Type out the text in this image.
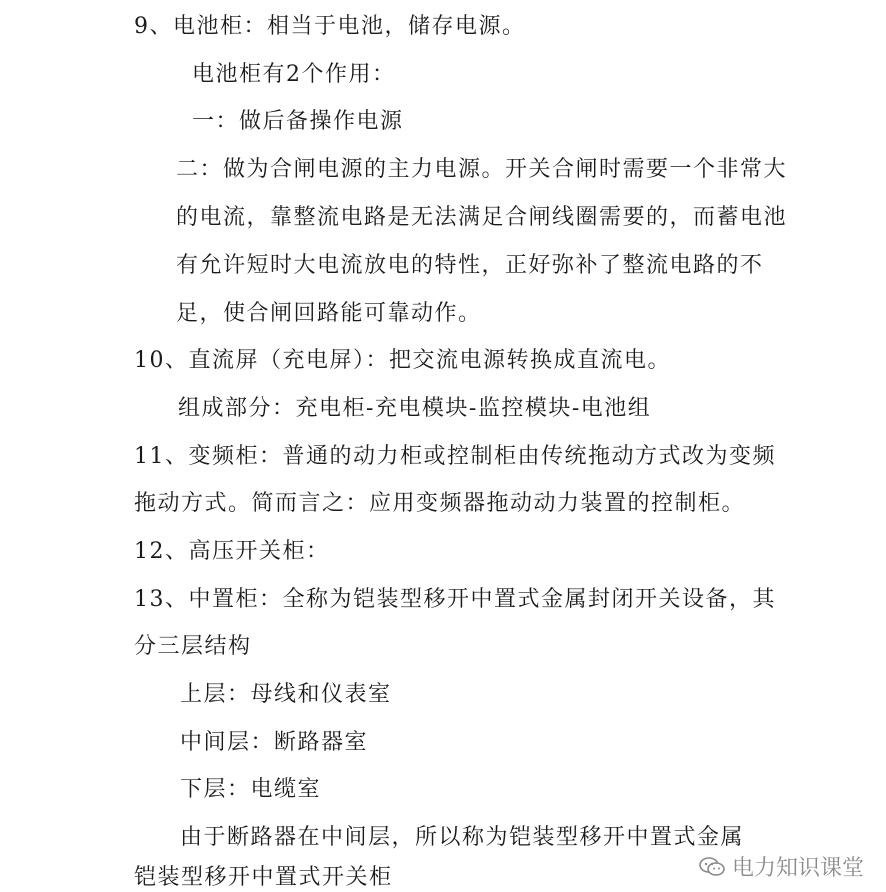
9、电池柜：相当于电池，储存电源。
电池柜有2个作用：
一：做后备操作电源
二：做为合闸电源的主力电源。开关合闸时需要一个非常大
的电流，靠整流电路是无法满足合闸线圈需要的，而蓄电池
有允许短时大电流放电的特性，正好弥补了整流电路的不
足，使合闸回路能可靠动作。
10、直流屏（充电屏）：把交流电源转换成直流电。
组成部分：充电柜-充电模块-监控模块-电池组
11、变频柜：普通的动力柜或控制柜由传统拖动方式改为变频
拖动方式。简而言之：应用变频器拖动动力装置的控制柜。
12、高压开关柜：
13、中置柜：全称为铠装型移开中置式金属封闭开关设备，其
分三层结构
上层：母线和仪表室
中间层：断路器室
下层：电缆室
由于断路器在中间层，所以称为铠装型移开中置式金属
铠装型移开中置式开关柜	电力知识课堂
